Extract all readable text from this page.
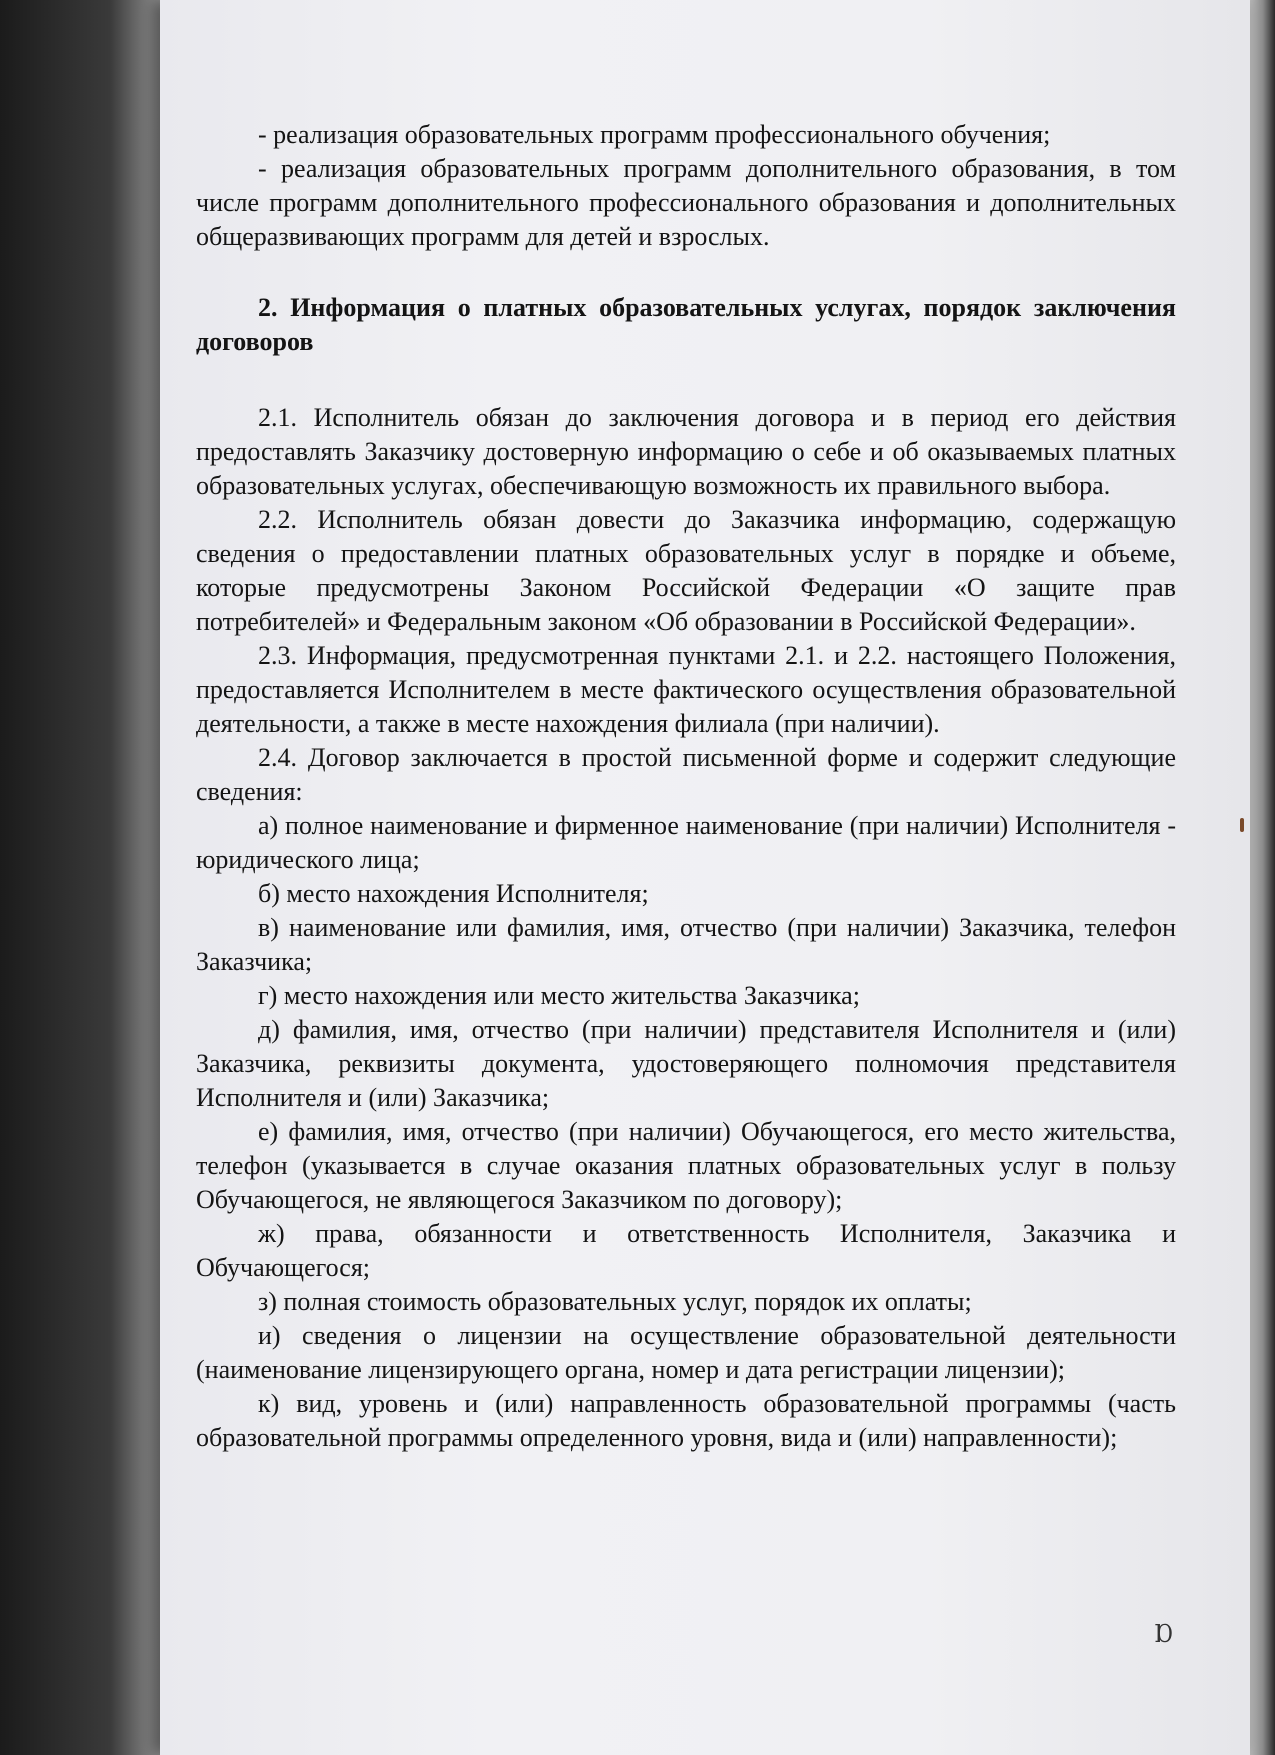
- реализация образовательных программ профессионального обучения;

- реализация образовательных программ дополнительного образования, в том числе программ дополнительного профессионального образования и дополнительных общеразвивающих программ для детей и взрослых.

2. Информация о платных образовательных услугах, порядок заключения договоров

2.1. Исполнитель обязан до заключения договора и в период его действия предоставлять Заказчику достоверную информацию о себе и об оказываемых платных образовательных услугах, обеспечивающую возможность их правильного выбора.

2.2. Исполнитель обязан довести до Заказчика информацию, содержащую сведения о предоставлении платных образовательных услуг в порядке и объеме, которые предусмотрены Законом Российской Федерации «О защите прав потребителей» и Федеральным законом «Об образовании в Российской Федерации».

2.3. Информация, предусмотренная пунктами 2.1. и 2.2. настоящего Положения, предоставляется Исполнителем в месте фактического осуществления образовательной деятельности, а также в месте нахождения филиала (при наличии).

2.4. Договор заключается в простой письменной форме и содержит следующие сведения:

а) полное наименование и фирменное наименование (при наличии) Исполнителя - юридического лица;

б) место нахождения Исполнителя;

в) наименование или фамилия, имя, отчество (при наличии) Заказчика, телефон Заказчика;

г) место нахождения или место жительства Заказчика;

д) фамилия, имя, отчество (при наличии) представителя Исполнителя и (или) Заказчика, реквизиты документа, удостоверяющего полномочия представителя Исполнителя и (или) Заказчика;

е) фамилия, имя, отчество (при наличии) Обучающегося, его место жительства, телефон (указывается в случае оказания платных образовательных услуг в пользу Обучающегося, не являющегося Заказчиком по договору);

ж) права, обязанности и ответственность Исполнителя, Заказчика и Обучающегося;

з) полная стоимость образовательных услуг, порядок их оплаты;

и) сведения о лицензии на осуществление образовательной деятельности (наименование лицензирующего органа, номер и дата регистрации лицензии);

к) вид, уровень и (или) направленность образовательной программы (часть образовательной программы определенного уровня, вида и (или) направленности);

Ɒ
